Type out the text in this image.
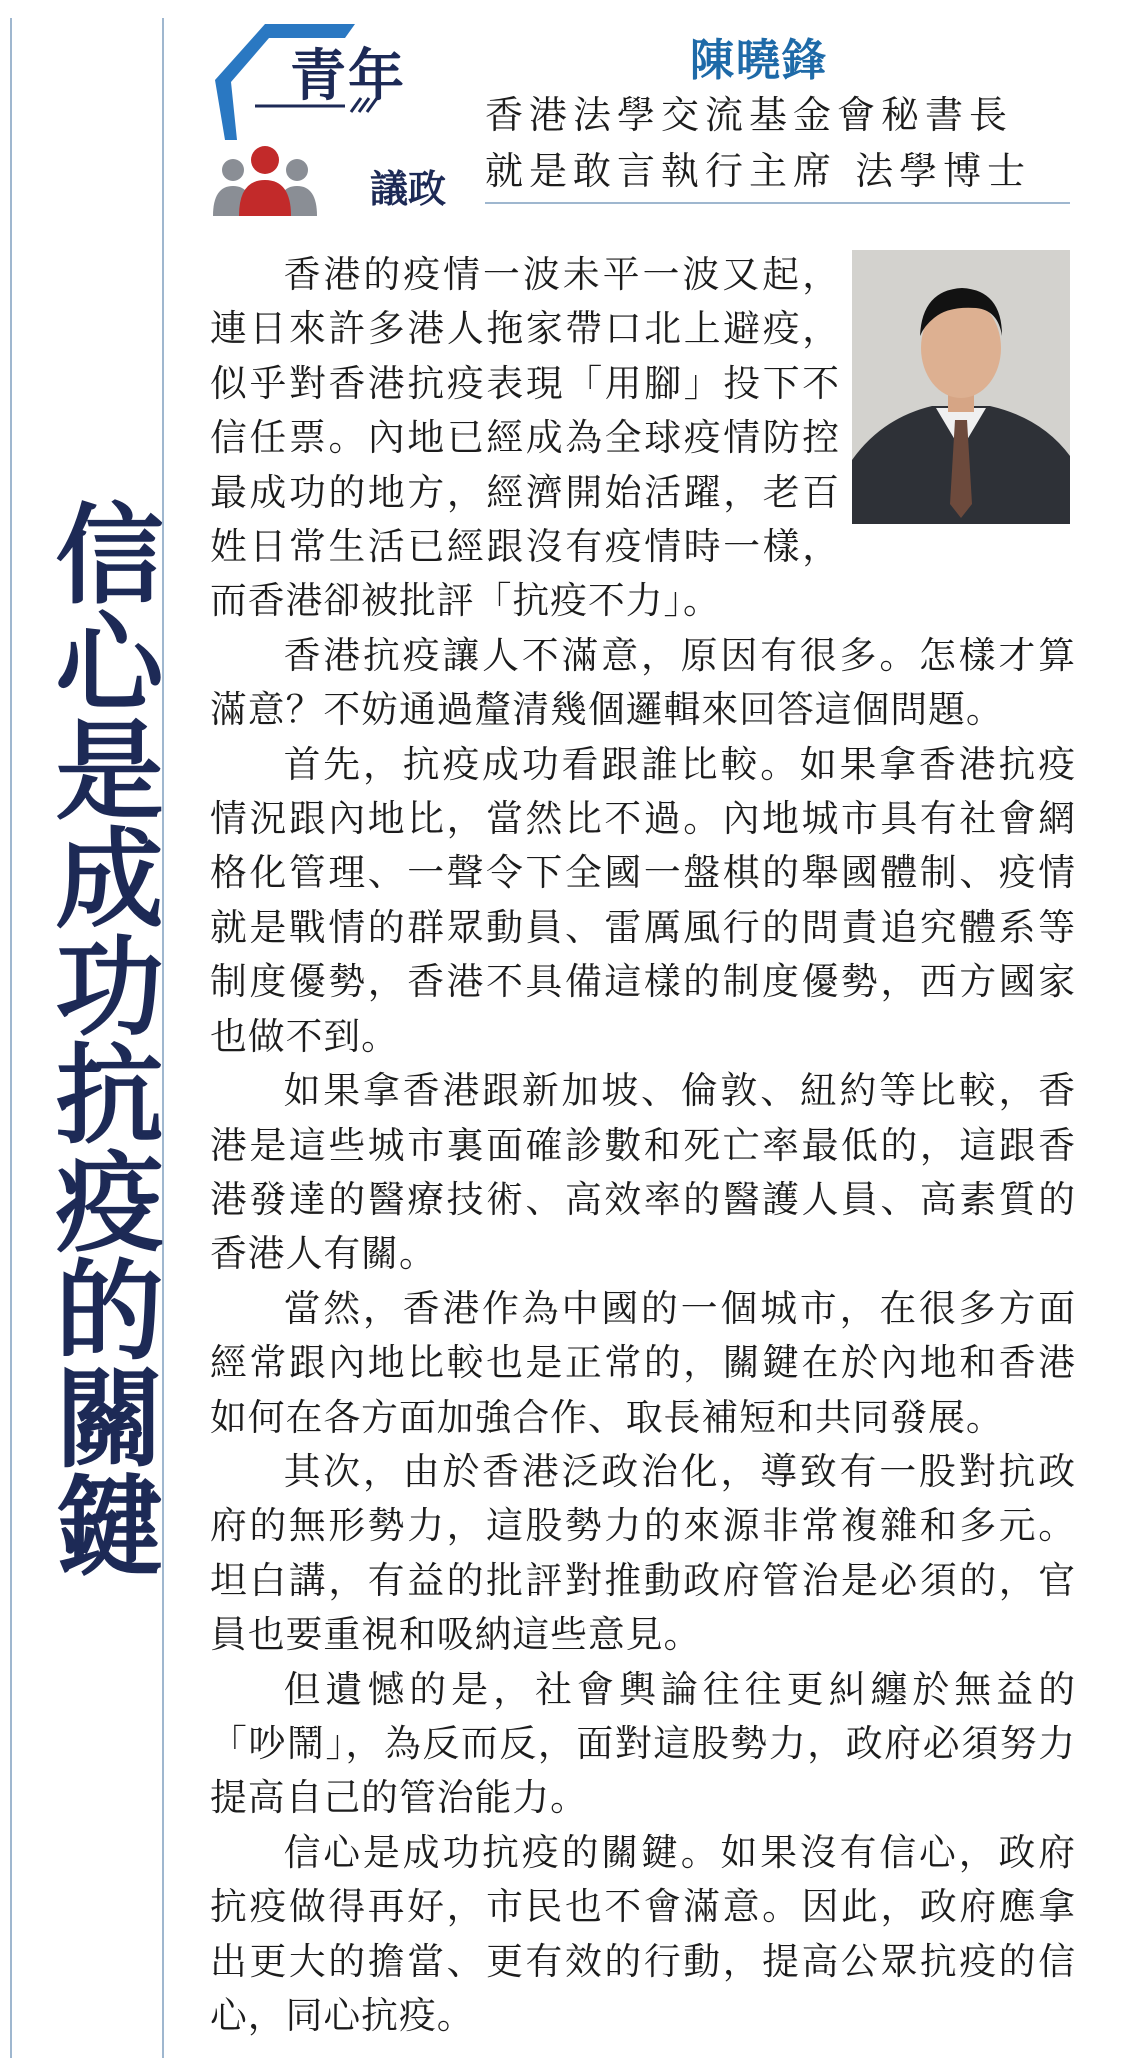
信心是成功抗疫的關鍵
青年
議政
陳曉鋒
香港法學交流基金會秘書長
就是敢言執行主席 法學博士

香港的疫情一波未平一波又起，連日來許多港人拖家帶口北上避疫，似乎對香港抗疫表現「用腳」投下不信任票。內地已經成為全球疫情防控最成功的地方，經濟開始活躍，老百姓日常生活已經跟沒有疫情時一樣，而香港卻被批評「抗疫不力」。

香港抗疫讓人不滿意，原因有很多。怎樣才算滿意？不妨通過釐清幾個邏輯來回答這個問題。

首先，抗疫成功看跟誰比較。如果拿香港抗疫情況跟內地比，當然比不過。內地城市具有社會網格化管理、一聲令下全國一盤棋的舉國體制、疫情就是戰情的群眾動員、雷厲風行的問責追究體系等制度優勢，香港不具備這樣的制度優勢，西方國家也做不到。

如果拿香港跟新加坡、倫敦、紐約等比較，香港是這些城市裏面確診數和死亡率最低的，這跟香港發達的醫療技術、高效率的醫護人員、高素質的香港人有關。

當然，香港作為中國的一個城市，在很多方面經常跟內地比較也是正常的，關鍵在於內地和香港如何在各方面加強合作、取長補短和共同發展。

其次，由於香港泛政治化，導致有一股對抗政府的無形勢力，這股勢力的來源非常複雜和多元。坦白講，有益的批評對推動政府管治是必須的，官員也要重視和吸納這些意見。

但遺憾的是，社會輿論往往更糾纏於無益的「吵鬧」，為反而反，面對這股勢力，政府必須努力提高自己的管治能力。

信心是成功抗疫的關鍵。如果沒有信心，政府抗疫做得再好，市民也不會滿意。因此，政府應拿出更大的擔當、更有效的行動，提高公眾抗疫的信心，同心抗疫。
